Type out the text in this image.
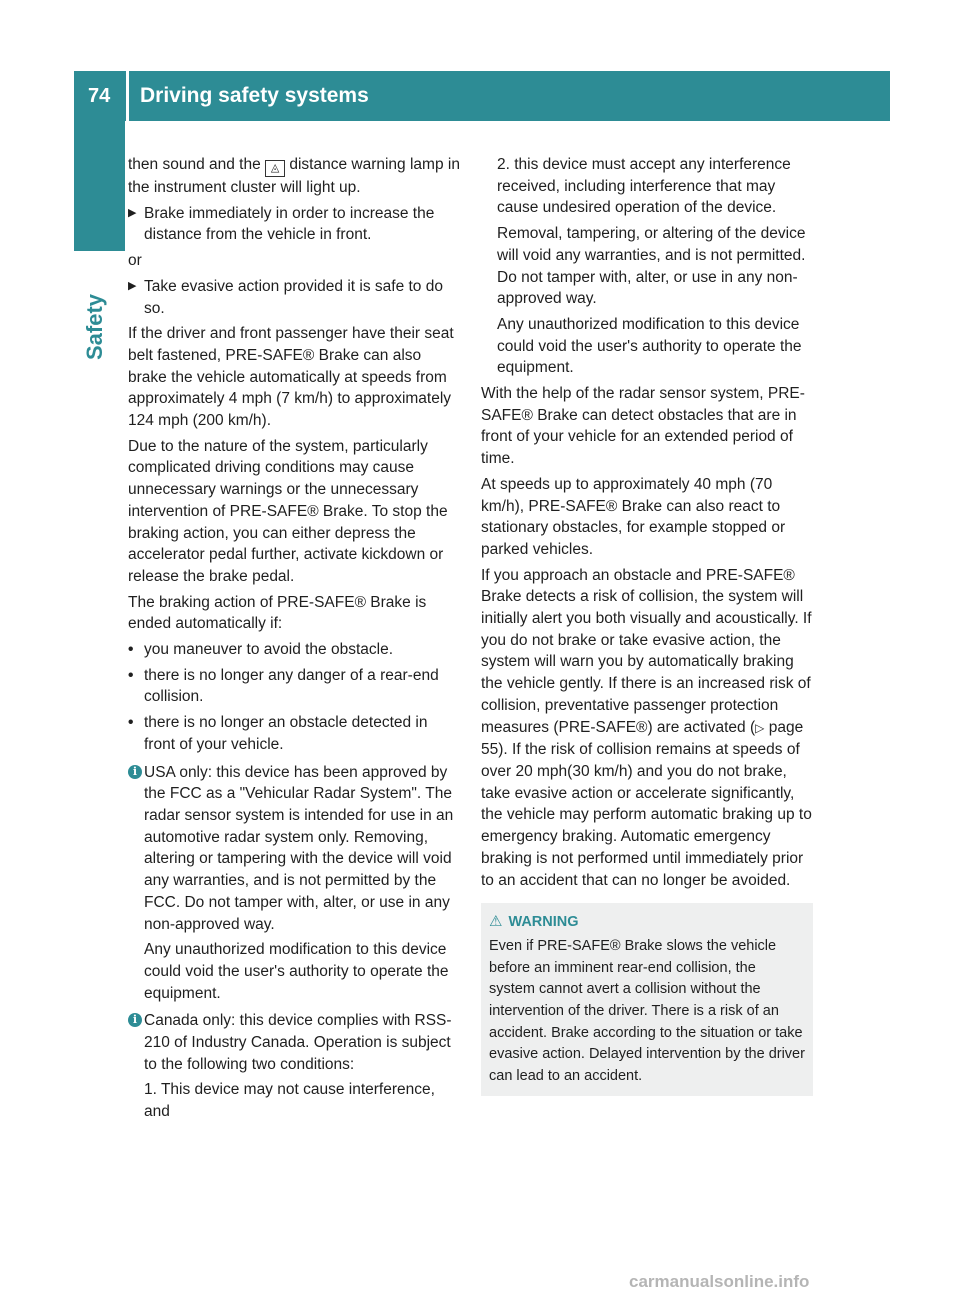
74	Driving safety systems
Safety

then sound and the ◬ distance warning lamp in the instrument cluster will light up.

▶ Brake immediately in order to increase the distance from the vehicle in front.

or

▶ Take evasive action provided it is safe to do so.

If the driver and front passenger have their seat belt fastened, PRE-SAFE® Brake can also brake the vehicle automatically at speeds from approximately 4 mph (7 km/h) to approximately 124 mph (200 km/h).

Due to the nature of the system, particularly complicated driving conditions may cause unnecessary warnings or the unnecessary intervention of PRE-SAFE® Brake. To stop the braking action, you can either depress the accelerator pedal further, activate kickdown or release the brake pedal.

The braking action of PRE-SAFE® Brake is ended automatically if:

• you maneuver to avoid the obstacle.
• there is no longer any danger of a rear-end collision.
• there is no longer an obstacle detected in front of your vehicle.
i USA only: this device has been approved by the FCC as a "Vehicular Radar System". The radar sensor system is intended for use in an automotive radar system only. Removing, altering or tampering with the device will void any warranties, and is not permitted by the FCC. Do not tamper with, alter, or use in any non-approved way.

Any unauthorized modification to this device could void the user's authority to operate the equipment.

i Canada only: this device complies with RSS-210 of Industry Canada. Operation is subject to the following two conditions:

1. This device may not cause interference, and

2. this device must accept any interference received, including interference that may cause undesired operation of the device.

Removal, tampering, or altering of the device will void any warranties, and is not permitted. Do not tamper with, alter, or use in any non-approved way.

Any unauthorized modification to this device could void the user's authority to operate the equipment.

With the help of the radar sensor system, PRE-SAFE® Brake can detect obstacles that are in front of your vehicle for an extended period of time.

At speeds up to approximately 40 mph (70 km/h), PRE-SAFE® Brake can also react to stationary obstacles, for example stopped or parked vehicles.

If you approach an obstacle and PRE-SAFE® Brake detects a risk of collision, the system will initially alert you both visually and acoustically. If you do not brake or take evasive action, the system will warn you by automatically braking the vehicle gently. If there is an increased risk of collision, preventative passenger protection measures (PRE-SAFE®) are activated (▷ page 55). If the risk of collision remains at speeds of over 20 mph(30 km/h) and you do not brake, take evasive action or accelerate significantly, the vehicle may perform automatic braking up to emergency braking. Automatic emergency braking is not performed until immediately prior to an accident that can no longer be avoided.

⚠ WARNING
Even if PRE-SAFE® Brake slows the vehicle before an imminent rear-end collision, the system cannot avert a collision without the intervention of the driver. There is a risk of an accident. Brake according to the situation or take evasive action. Delayed intervention by the driver can lead to an accident.
carmanualsonline.info
